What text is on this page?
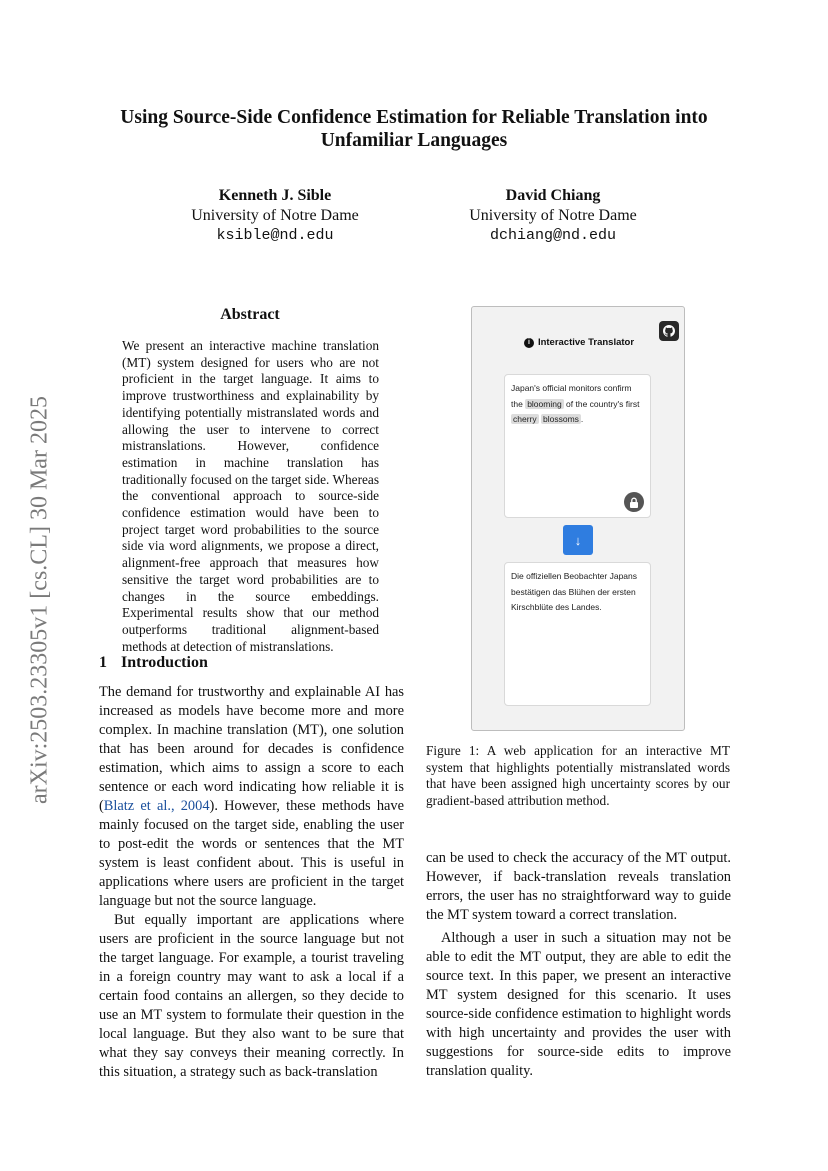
arXiv:2503.23305v1 [cs.CL] 30 Mar 2025
Using Source-Side Confidence Estimation for Reliable Translation into
Unfamiliar Languages
Kenneth J. Sible
University of Notre Dame
ksible@nd.edu
David Chiang
University of Notre Dame
dchiang@nd.edu
Abstract
We present an interactive machine translation (MT) system designed for users who are not proficient in the target language. It aims to improve trustworthiness and explainability by identifying potentially mistranslated words and allowing the user to intervene to correct mistranslations. However, confidence estimation in machine translation has traditionally focused on the target side. Whereas the conventional approach to source-side confidence estimation would have been to project target word probabilities to the source side via word alignments, we propose a direct, alignment-free approach that measures how sensitive the target word probabilities are to changes in the source embeddings. Experimental results show that our method outperforms traditional alignment-based methods at detection of mistranslations.
1 Introduction

The demand for trustworthy and explainable AI has increased as models have become more and more complex. In machine translation (MT), one solution that has been around for decades is confidence estimation, which aims to assign a score to each sentence or each word indicating how reliable it is (Blatz et al., 2004). However, these methods have mainly focused on the target side, enabling the user to post-edit the words or sentences that the MT system is least confident about. This is useful in applications where users are proficient in the target language but not the source language.

But equally important are applications where users are proficient in the source language but not the target language. For example, a tourist traveling in a foreign country may want to ask a local if a certain food contains an allergen, so they decide to use an MT system to formulate their question in the local language. But they also want to be sure that what they say conveys their meaning correctly. In this situation, a strategy such as back-translation

i Interactive Translator
Japan's official monitors confirm the blooming of the country's first cherry blossoms .
↓
Die offiziellen Beobachter Japans bestätigen das Blühen der ersten Kirschblüte des Landes.
Figure 1: A web application for an interactive MT system that highlights potentially mistranslated words that have been assigned high uncertainty scores by our gradient-based attribution method.

can be used to check the accuracy of the MT output. However, if back-translation reveals translation errors, the user has no straightforward way to guide the MT system toward a correct translation.

Although a user in such a situation may not be able to edit the MT output, they are able to edit the source text. In this paper, we present an interactive MT system designed for this scenario. It uses source-side confidence estimation to highlight words with high uncertainty and provides the user with suggestions for source-side edits to improve translation quality.
